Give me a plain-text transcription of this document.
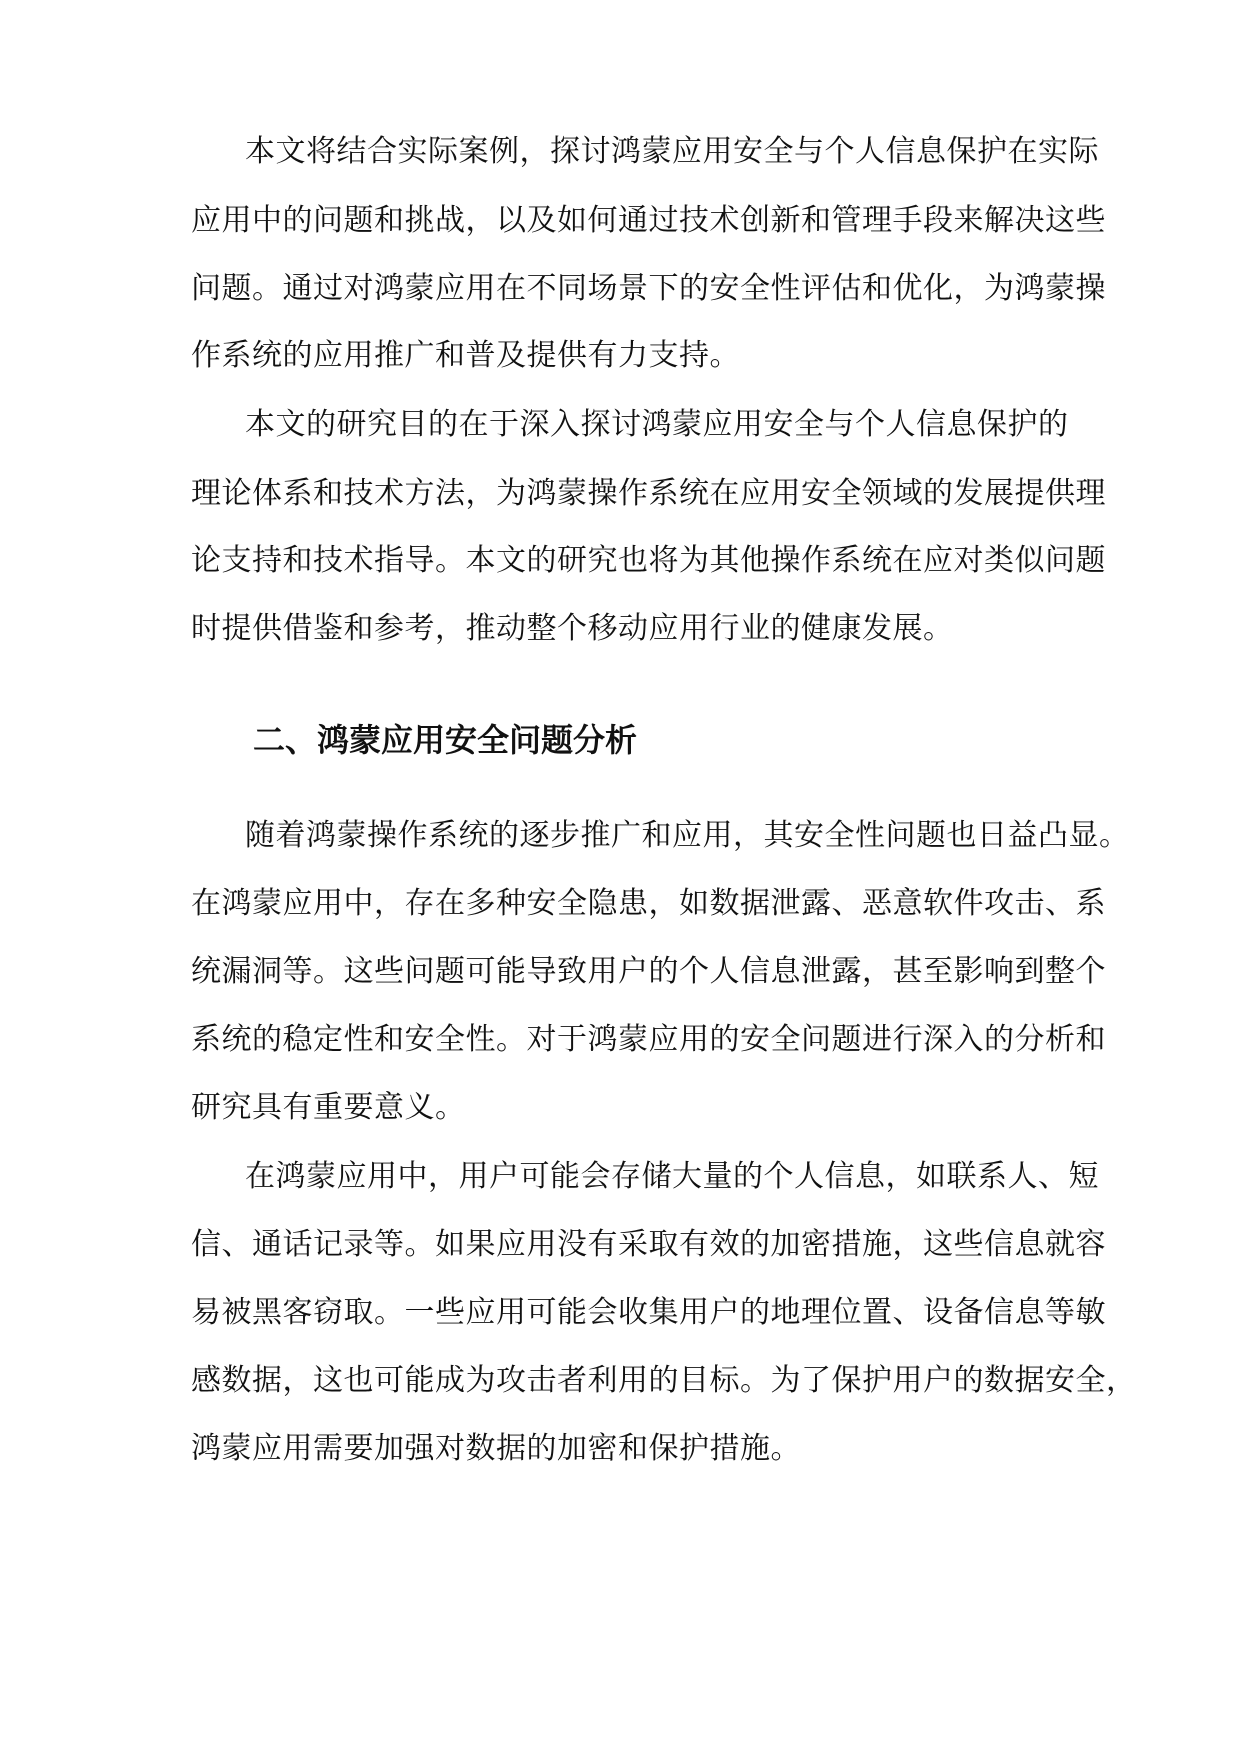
本文将结合实际案例，探讨鸿蒙应用安全与个人信息保护在实际
应用中的问题和挑战，以及如何通过技术创新和管理手段来解决这些
问题。通过对鸿蒙应用在不同场景下的安全性评估和优化，为鸿蒙操
作系统的应用推广和普及提供有力支持。
本文的研究目的在于深入探讨鸿蒙应用安全与个人信息保护的
理论体系和技术方法，为鸿蒙操作系统在应用安全领域的发展提供理
论支持和技术指导。本文的研究也将为其他操作系统在应对类似问题
时提供借鉴和参考，推动整个移动应用行业的健康发展。
二、鸿蒙应用安全问题分析
随着鸿蒙操作系统的逐步推广和应用，其安全性问题也日益凸显。
在鸿蒙应用中，存在多种安全隐患，如数据泄露、恶意软件攻击、系
统漏洞等。这些问题可能导致用户的个人信息泄露，甚至影响到整个
系统的稳定性和安全性。对于鸿蒙应用的安全问题进行深入的分析和
研究具有重要意义。
在鸿蒙应用中，用户可能会存储大量的个人信息，如联系人、短
信、通话记录等。如果应用没有采取有效的加密措施，这些信息就容
易被黑客窃取。一些应用可能会收集用户的地理位置、设备信息等敏
感数据，这也可能成为攻击者利用的目标。为了保护用户的数据安全，
鸿蒙应用需要加强对数据的加密和保护措施。
